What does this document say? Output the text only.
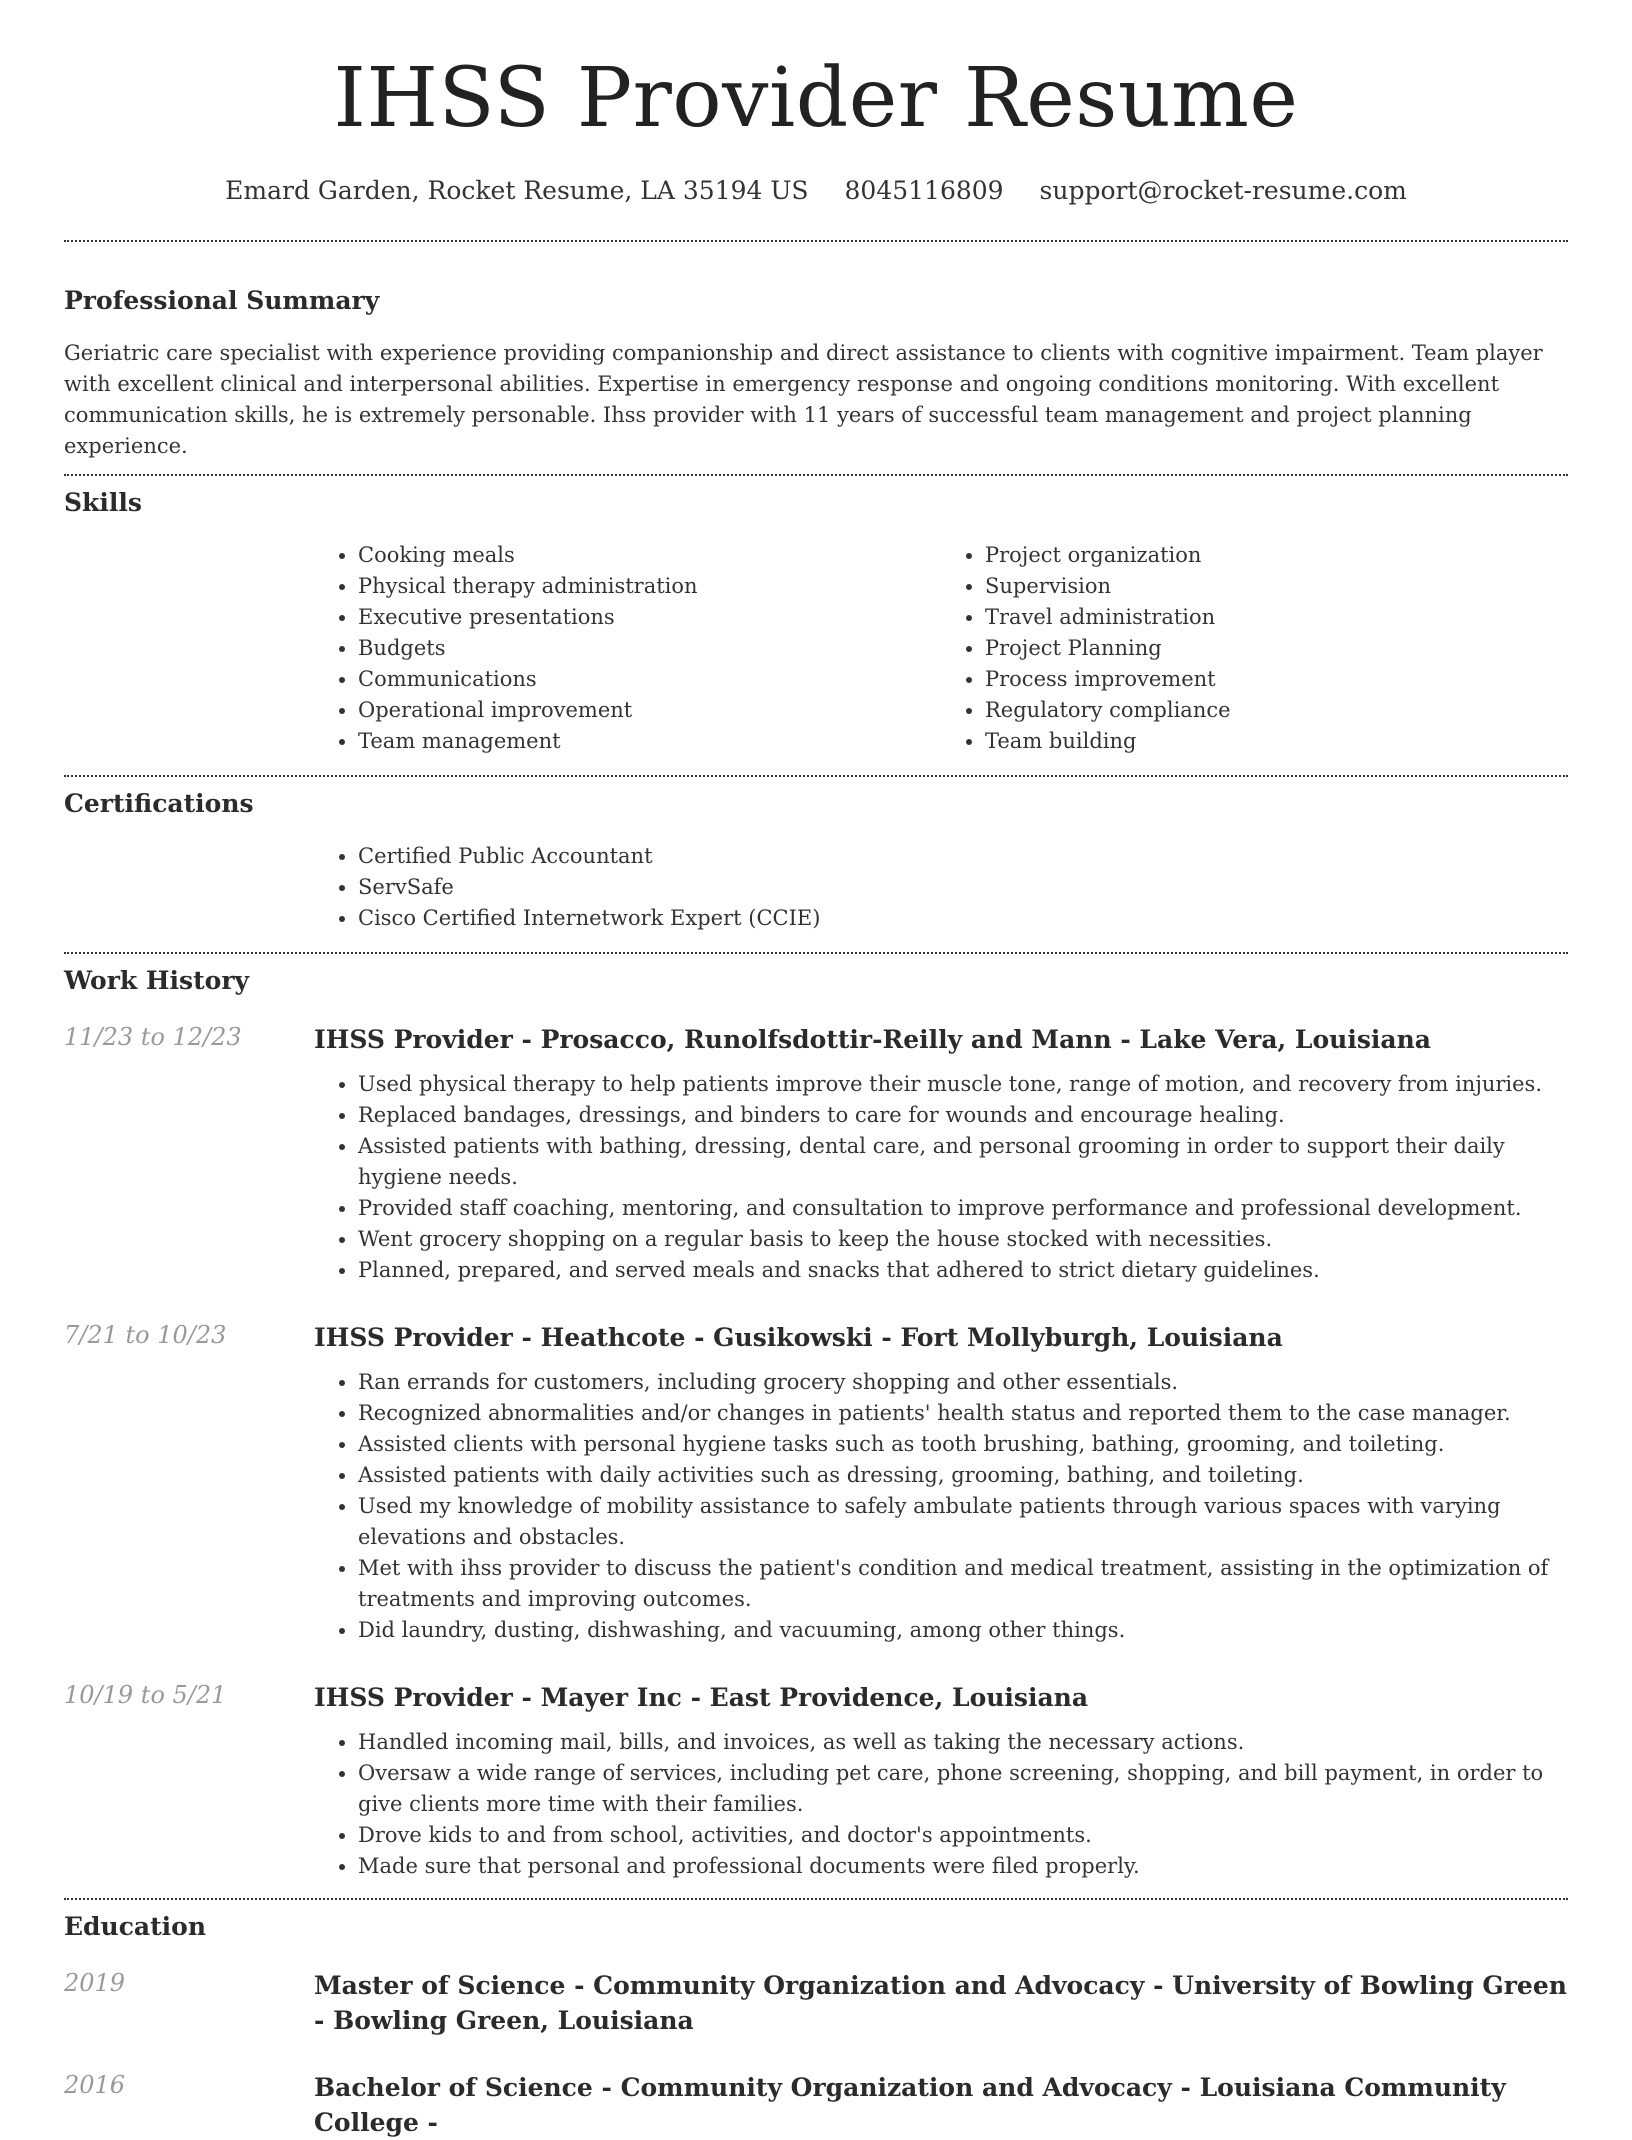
IHSS Provider Resume
Emard Garden, Rocket Resume, LA 35194 US 8045116809 support@rocket-resume.com
Professional Summary

Geriatric care specialist with experience providing companionship and direct assistance to clients with cognitive impairment. Team player with excellent clinical and interpersonal abilities. Expertise in emergency response and ongoing conditions monitoring. With excellent communication skills, he is extremely personable. Ihss provider with 11 years of successful team management and project planning experience.

Skills
• Cooking meals
• Physical therapy administration
• Executive presentations
• Budgets
• Communications
• Operational improvement
• Team management
• Project organization
• Supervision
• Travel administration
• Project Planning
• Process improvement
• Regulatory compliance
• Team building
Certifications
• Certified Public Accountant
• ServSafe
• Cisco Certified Internetwork Expert (CCIE)
Work History
11/23 to 12/23	IHSS Provider - Prosacco, Runolfsdottir-Reilly and Mann - Lake Vera, Louisiana
• Used physical therapy to help patients improve their muscle tone, range of motion, and recovery from injuries.
• Replaced bandages, dressings, and binders to care for wounds and encourage healing.
• Assisted patients with bathing, dressing, dental care, and personal grooming in order to support their daily hygiene needs.
• Provided staff coaching, mentoring, and consultation to improve performance and professional development.
• Went grocery shopping on a regular basis to keep the house stocked with necessities.
• Planned, prepared, and served meals and snacks that adhered to strict dietary guidelines.
7/21 to 10/23	IHSS Provider - Heathcote - Gusikowski - Fort Mollyburgh, Louisiana
• Ran errands for customers, including grocery shopping and other essentials.
• Recognized abnormalities and/or changes in patients' health status and reported them to the case manager.
• Assisted clients with personal hygiene tasks such as tooth brushing, bathing, grooming, and toileting.
• Assisted patients with daily activities such as dressing, grooming, bathing, and toileting.
• Used my knowledge of mobility assistance to safely ambulate patients through various spaces with varying elevations and obstacles.
• Met with ihss provider to discuss the patient's condition and medical treatment, assisting in the optimization of treatments and improving outcomes.
• Did laundry, dusting, dishwashing, and vacuuming, among other things.
10/19 to 5/21	IHSS Provider - Mayer Inc - East Providence, Louisiana
• Handled incoming mail, bills, and invoices, as well as taking the necessary actions.
• Oversaw a wide range of services, including pet care, phone screening, shopping, and bill payment, in order to give clients more time with their families.
• Drove kids to and from school, activities, and doctor's appointments.
• Made sure that personal and professional documents were filed properly.
Education
2019	Master of Science - Community Organization and Advocacy - University of Bowling Green - Bowling Green, Louisiana
2016	Bachelor of Science - Community Organization and Advocacy - Louisiana Community College -
